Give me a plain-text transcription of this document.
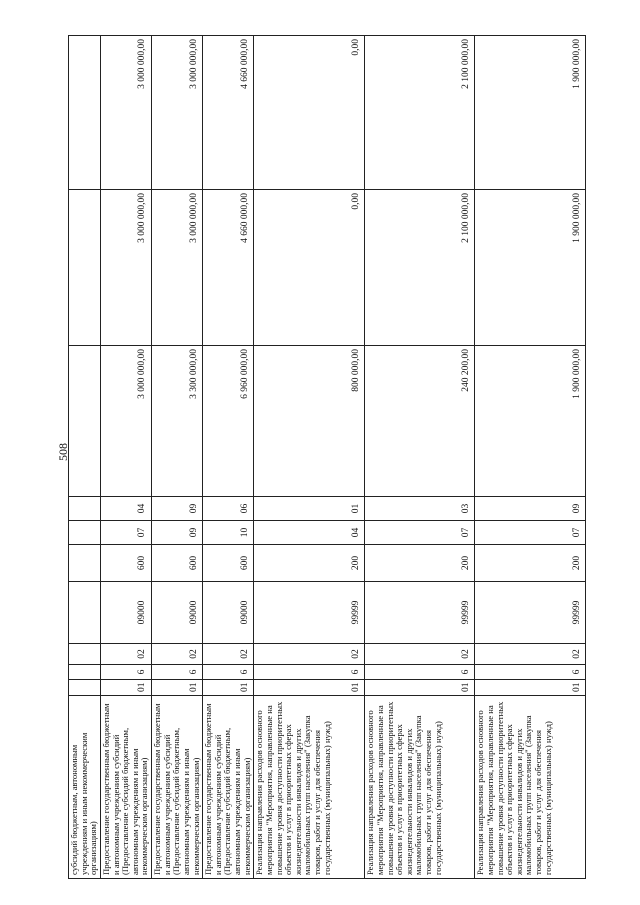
508
субсидий бюджетным, автономным учреждениям и иным некоммерческим организациям)										
Предоставление государственным бюджетным и автономным учреждениям субсидий (Предоставление субсидий бюджетным, автономным учреждениям и иным некоммерческим организациям)	01	6	02	09000	600	07	04	3 000 000,00	3 000 000,00	3 000 000,00
Предоставление государственным бюджетным и автономным учреждениям субсидий (Предоставление субсидий бюджетным, автономным учреждениям и иным некоммерческим организациям)	01	6	02	09000	600	09	09	3 300 000,00	3 000 000,00	3 000 000,00
Предоставление государственным бюджетным и автономным учреждениям субсидий (Предоставление субсидий бюджетным, автономным учреждениям и иным некоммерческим организациям)	01	6	02	09000	600	10	06	6 960 000,00	4 660 000,00	4 660 000,00
Реализация направления расходов основного мероприятия "Мероприятия, направленные на повышение уровня доступности приоритетных объектов и услуг в приоритетных сферах жизнедеятельности инвалидов и других маломобильных групп населения" (Закупка товаров, работ и услуг для обеспечения государственных (муниципальных) нужд)	01	6	02	99999	200	04	01	800 000,00	0,00	0,00
Реализация направления расходов основного мероприятия "Мероприятия, направленные на повышение уровня доступности приоритетных объектов и услуг в приоритетных сферах жизнедеятельности инвалидов и других маломобильных групп населения" (Закупка товаров, работ и услуг для обеспечения государственных (муниципальных) нужд)	01	6	02	99999	200	07	03	240 200,00	2 100 000,00	2 100 000,00
Реализация направления расходов основного мероприятия "Мероприятия, направленные на повышение уровня доступности приоритетных объектов и услуг в приоритетных сферах жизнедеятельности инвалидов и других маломобильных групп населения" (Закупка товаров, работ и услуг для обеспечения государственных (муниципальных) нужд)	01	6	02	99999	200	07	09	1 900 000,00	1 900 000,00	1 900 000,00
